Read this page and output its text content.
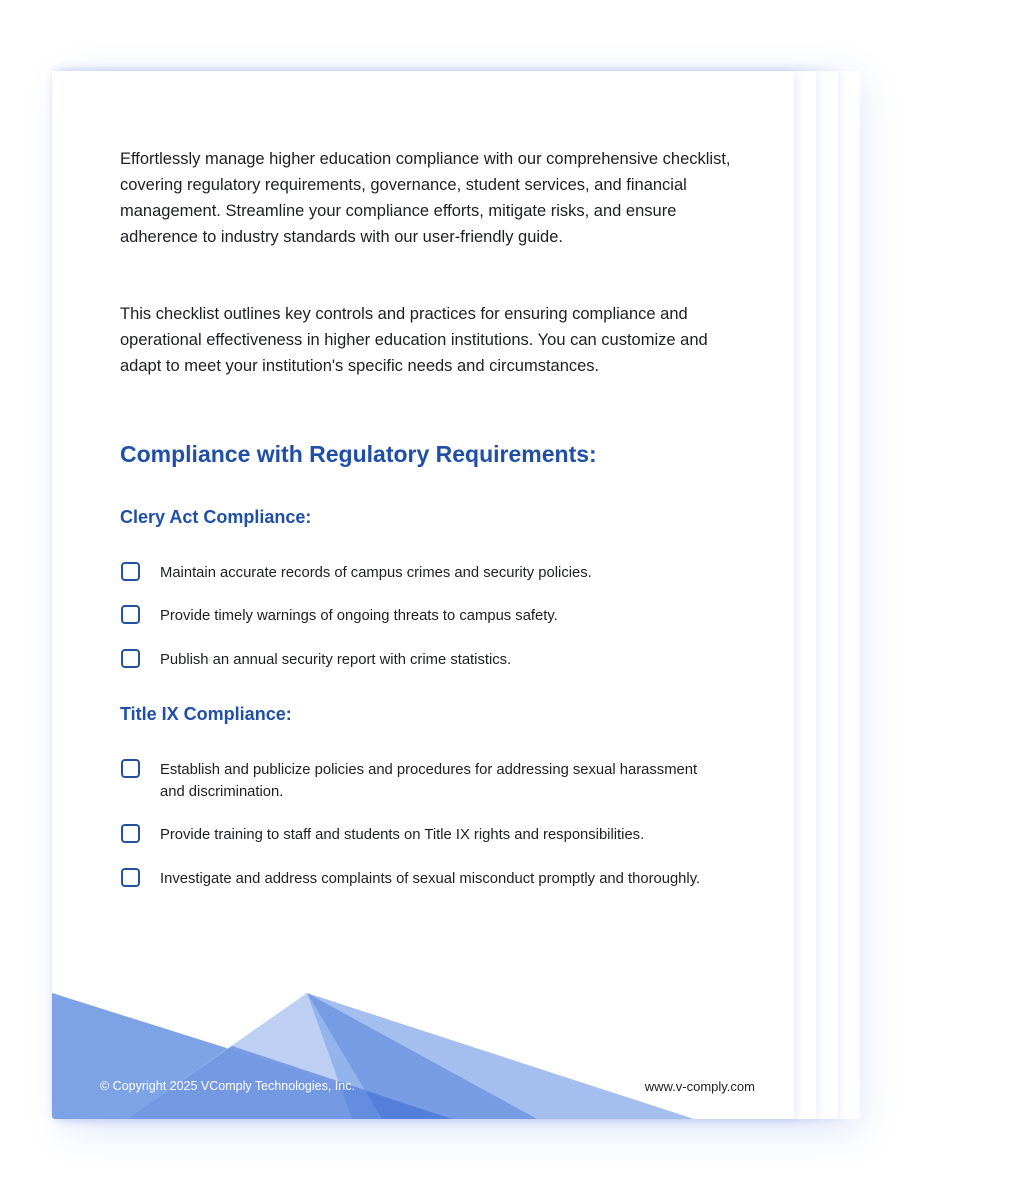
Effortlessly manage higher education compliance with our comprehensive checklist, covering regulatory requirements, governance, student services, and financial management. Streamline your compliance efforts, mitigate risks, and ensure adherence to industry standards with our user-friendly guide.

This checklist outlines key controls and practices for ensuring compliance and operational effectiveness in higher education institutions. You can customize and adapt to meet your institution's specific needs and circumstances.

Compliance with Regulatory Requirements:
Clery Act Compliance:
Maintain accurate records of campus crimes and security policies.
Provide timely warnings of ongoing threats to campus safety.
Publish an annual security report with crime statistics.
Title IX Compliance:
Establish and publicize policies and procedures for addressing sexual harassment and discrimination.
Provide training to staff and students on Title IX rights and responsibilities.
Investigate and address complaints of sexual misconduct promptly and thoroughly.
© Copyright 2025 VComply Technologies, Inc.	www.v-comply.com
